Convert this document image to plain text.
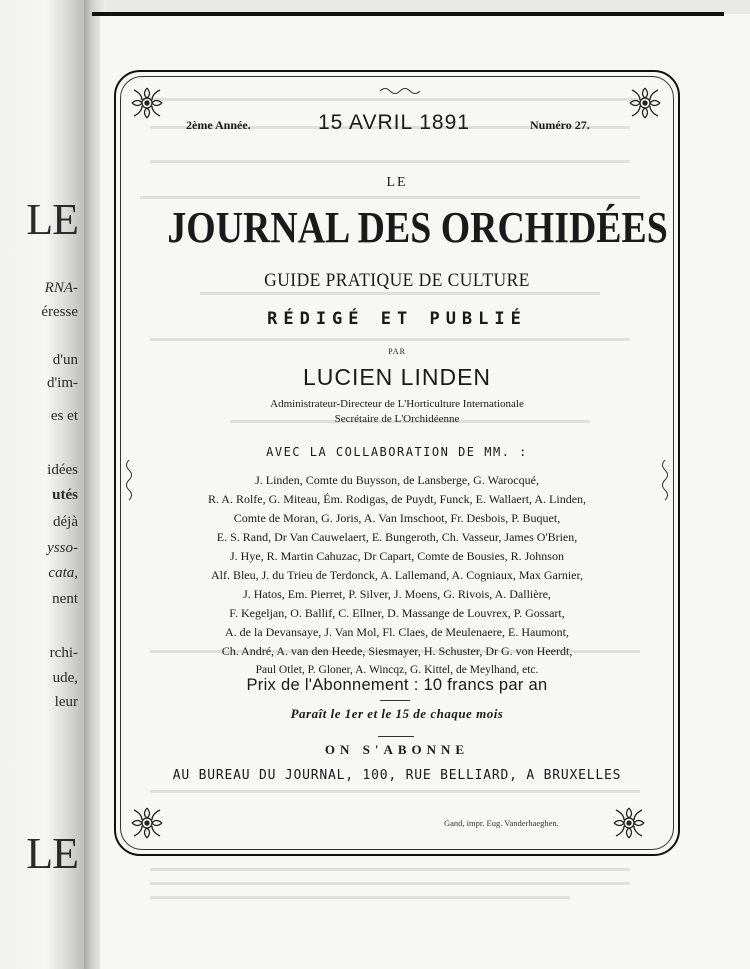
LE
RNA-
éresse
d'un
d'im-
es et
idées
utés
déjà
ysso-
cata,
nent
rchi-
ude,
leur
LE
2ème Année.	15 AVRIL 1891	Numéro 27.
LE
JOURNAL DES ORCHIDÉES
GUIDE PRATIQUE DE CULTURE
RÉDIGÉ ET PUBLIÉ
PAR
LUCIEN LINDEN
Administrateur-Directeur de L'Horticulture Internationale
Secrétaire de L'Orchidéenne
AVEC LA COLLABORATION DE MM. :
J. Linden, Comte du Buysson, de Lansberge, G. Warocqué,
R. A. Rolfe, G. Miteau, Ém. Rodigas, de Puydt, Funck, E. Wallaert, A. Linden,
Comte de Moran, G. Joris, A. Van Imschoot, Fr. Desbois, P. Buquet,
E. S. Rand, Dr Van Cauwelaert, E. Bungeroth, Ch. Vasseur, James O'Brien,
J. Hye, R. Martin Cahuzac, Dr Capart, Comte de Bousies, R. Johnson
Alf. Bleu, J. du Trieu de Terdonck, A. Lallemand, A. Cogniaux, Max Garnier,
J. Hatos, Em. Pierret, P. Silver, J. Moens, G. Rivois, A. Dallière,
F. Kegeljan, O. Ballif, C. Ellner, D. Massange de Louvrex, P. Gossart,
A. de la Devansaye, J. Van Mol, Fl. Claes, de Meulenaere, E. Haumont,
Ch. André, A. van den Heede, Siesmayer, H. Schuster, Dr G. von Heerdt,
Paul Otlet, P. Gloner, A. Wincqz, G. Kittel, de Meylhand, etc.
Prix de l'Abonnement : 10 francs par an
Paraît le 1er et le 15 de chaque mois
ON S'ABONNE
AU BUREAU DU JOURNAL, 100, RUE BELLIARD, A BRUXELLES
Gand, impr. Eug. Vanderhaeghen.
